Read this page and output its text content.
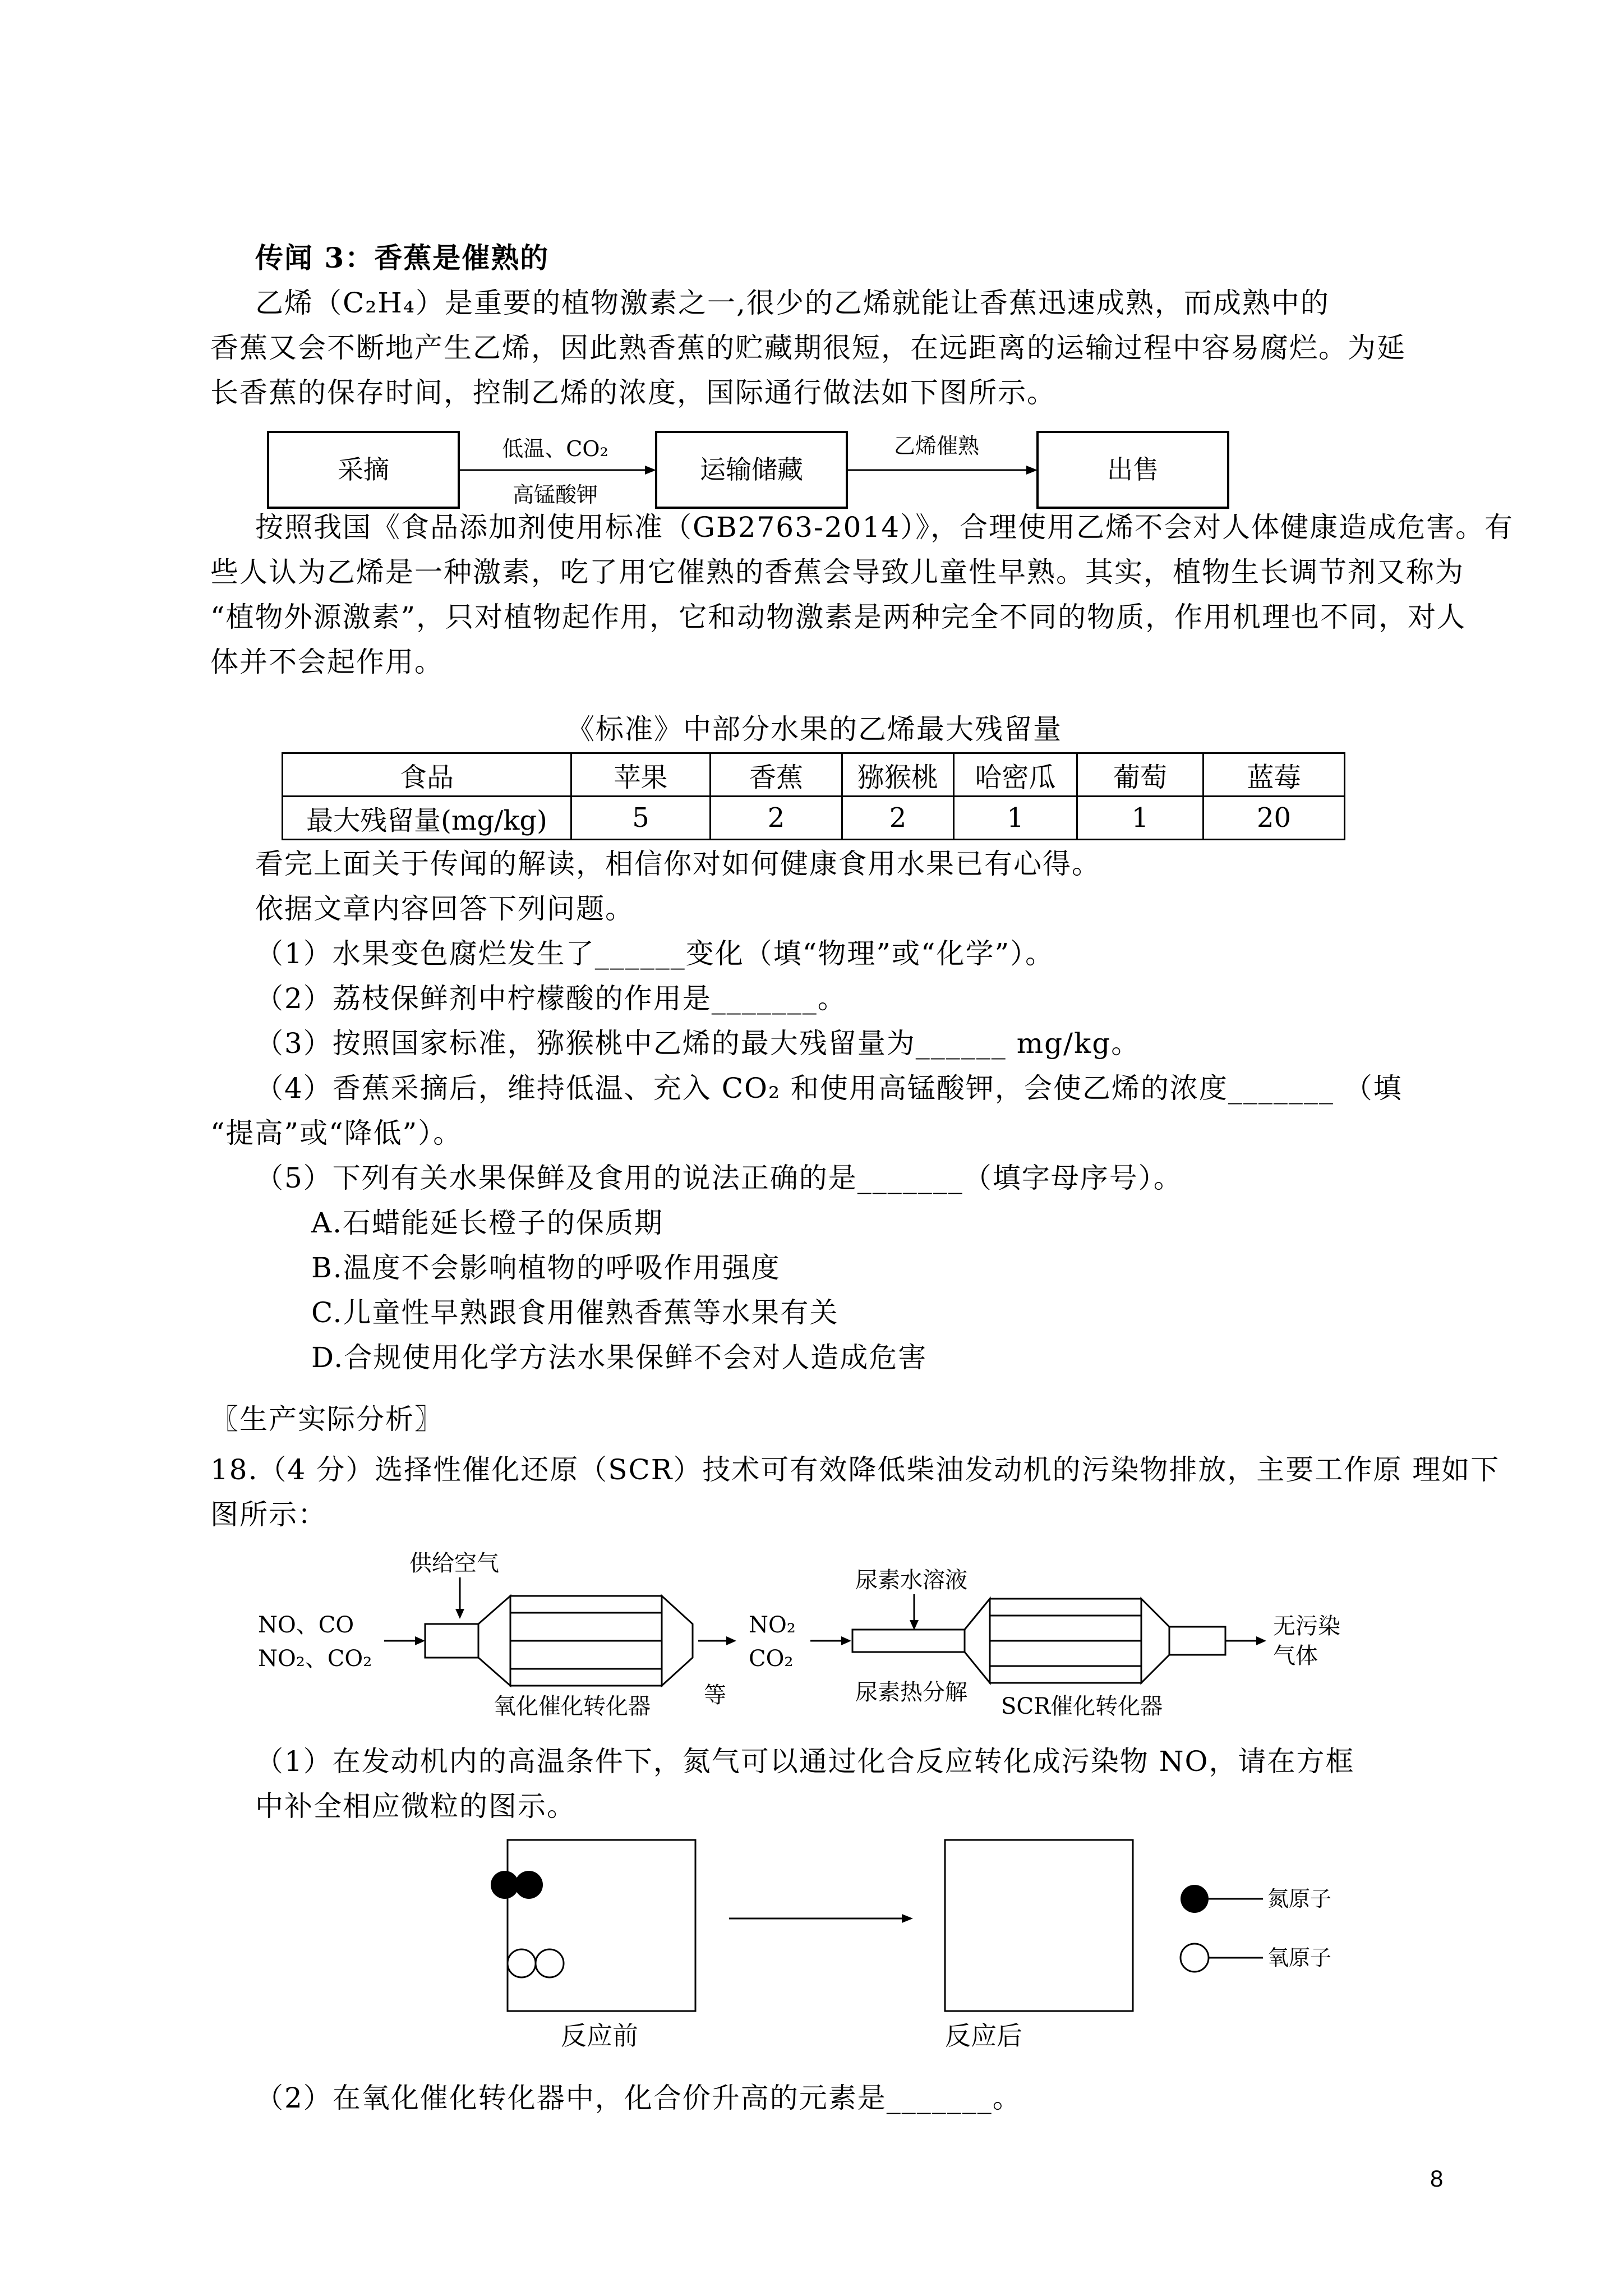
传闻 3：香蕉是催熟的
乙烯（C₂H₄）是重要的植物激素之一,很少的乙烯就能让香蕉迅速成熟，而成熟中的
香蕉又会不断地产生乙烯，因此熟香蕉的贮藏期很短，在远距离的运输过程中容易腐烂。为延
长香蕉的保存时间，控制乙烯的浓度，国际通行做法如下图所示。
采摘
低温、CO₂
高锰酸钾
运输储藏
乙烯催熟
出售
按照我国《食品添加剂使用标准（GB2763-2014）》，合理使用乙烯不会对人体健康造成危害。有
些人认为乙烯是一种激素，吃了用它催熟的香蕉会导致儿童性早熟。其实，植物生长调节剂又称为
“植物外源激素”，只对植物起作用，它和动物激素是两种完全不同的物质，作用机理也不同，对人
体并不会起作用。
《标准》中部分水果的乙烯最大残留量
食品	苹果	香蕉	猕猴桃	哈密瓜	葡萄	蓝莓
最大残留量(mg/kg)	5	2	2	1	1	20
看完上面关于传闻的解读，相信你对如何健康食用水果已有心得。
依据文章内容回答下列问题。
（1）水果变色腐烂发生了______变化（填“物理”或“化学”）。
（2）荔枝保鲜剂中柠檬酸的作用是_______。
（3）按照国家标准，猕猴桃中乙烯的最大残留量为______ mg/kg。
（4）香蕉采摘后，维持低温、充入 CO₂ 和使用高锰酸钾，会使乙烯的浓度_______ （填
“提高”或“降低”）。
（5）下列有关水果保鲜及食用的说法正确的是_______（填字母序号）。
A.石蜡能延长橙子的保质期
B.温度不会影响植物的呼吸作用强度
C.儿童性早熟跟食用催熟香蕉等水果有关
D.合规使用化学方法水果保鲜不会对人造成危害
〖生产实际分析〗
18.（4 分）选择性催化还原（SCR）技术可有效降低柴油发动机的污染物排放，主要工作原 理如下
图所示：
NO、CO
NO₂、CO₂
供给空气
氧化催化转化器
NO₂
CO₂
等
尿素水溶液
尿素热分解
SCR催化转化器
无污染
气体
（1）在发动机内的高温条件下，氮气可以通过化合反应转化成污染物 NO，请在方框
中补全相应微粒的图示。
氮原子
氧原子
反应前	反应后
（2）在氧化催化转化器中，化合价升高的元素是_______。
8
